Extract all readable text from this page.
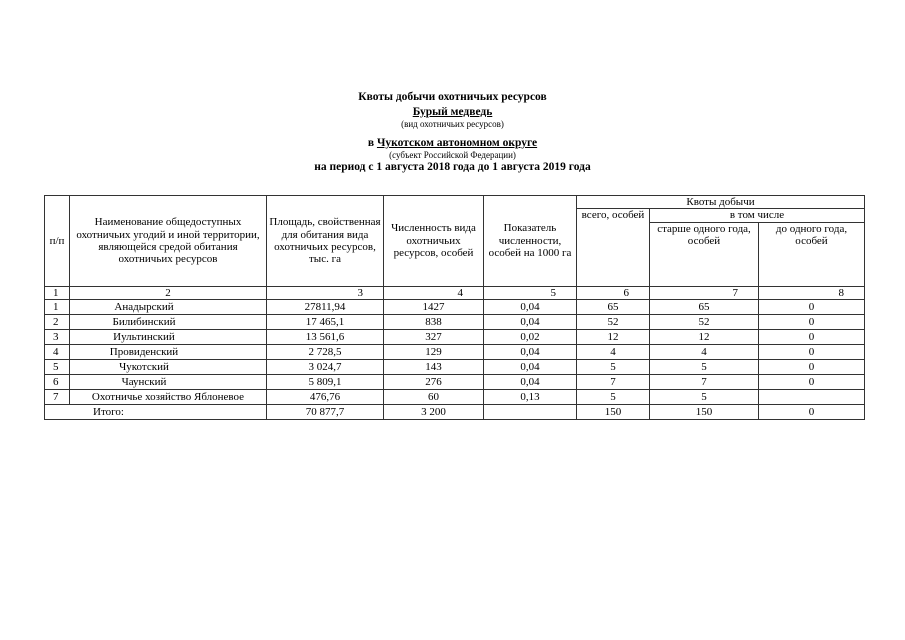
Квоты добычи охотничьих ресурсов
Бурый медведь
(вид охотничьих ресурсов)
в Чукотском автономном округе
(субъект Российской Федерации)
на период с 1 августа 2018 года до 1 августа 2019 года
п/п	Наименование общедоступных охотничьих угодий и иной территории, являющейся средой обитания охотничьих ресурсов	Площадь, свойственная для обитания вида охотничьих ресурсов, тыс. га	Численность вида охотничьих ресурсов, особей	Показатель численности, особей на 1000 га	Квоты добычи		
					всего, особей	в том числе	
						старше одного года, особей	до одного года, особей
1	2	3	4	5	6	7	8
1	Анадырский	27811,94	1427	0,04	65	65	0
2	Билибинский	17 465,1	838	0,04	52	52	0
3	Иультинский	13 561,6	327	0,02	12	12	0
4	Провиденский	2 728,5	129	0,04	4	4	0
5	Чукотский	3 024,7	143	0,04	5	5	0
6	Чаунский	5 809,1	276	0,04	7	7	0
7	Охотничье хозяйство Яблоневое	476,76	60	0,13	5	5	
Итого:		70 877,7	3 200		150	150	0
